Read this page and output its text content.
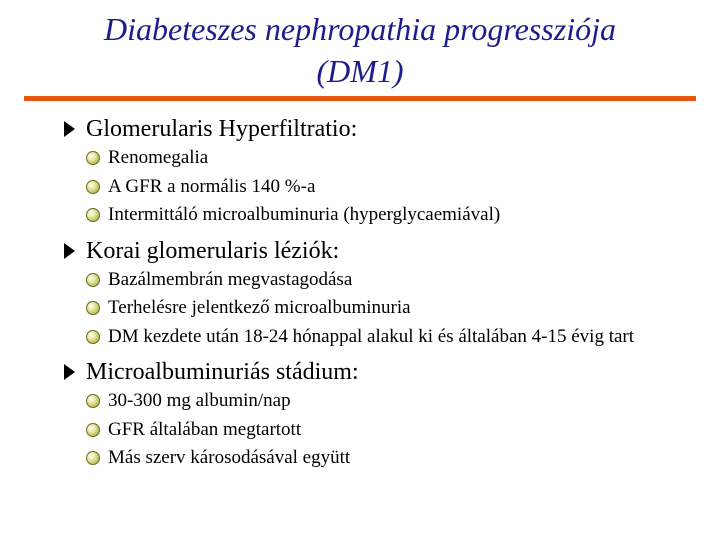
Diabeteszes nephropathia progressziója
(DM1)
Glomerularis Hyperfiltratio:
Renomegalia
A GFR a normális 140 %-a
Intermittáló microalbuminuria (hyperglycaemiával)
Korai glomerularis léziók:
Bazálmembrán megvastagodása
Terhelésre jelentkező microalbuminuria
DM kezdete után 18-24 hónappal alakul ki és általában 4-15 évig tart
Microalbuminuriás stádium:
30-300 mg albumin/nap
GFR általában megtartott
Más szerv károsodásával együtt
